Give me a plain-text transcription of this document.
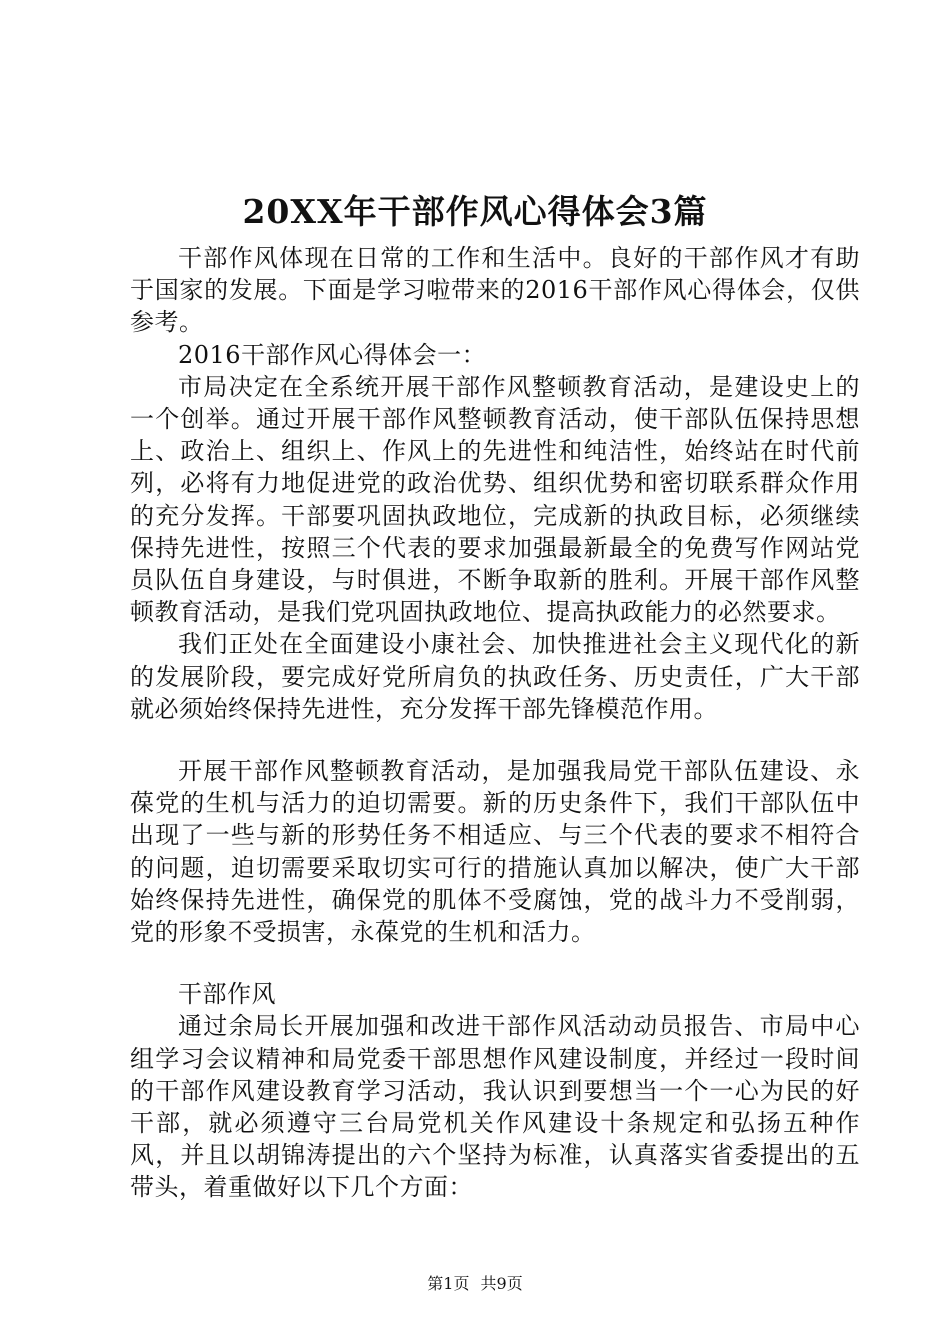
20XX年干部作风心得体会3篇

干部作风体现在日常的工作和生活中。良好的干部作风才有助于国家的发展。下面是学习啦带来的2016干部作风心得体会，仅供参考。

2016干部作风心得体会一：

市局决定在全系统开展干部作风整顿教育活动，是建设史上的一个创举。通过开展干部作风整顿教育活动，使干部队伍保持思想上、政治上、组织上、作风上的先进性和纯洁性，始终站在时代前列，必将有力地促进党的政治优势、组织优势和密切联系群众作用的充分发挥。干部要巩固执政地位，完成新的执政目标，必须继续保持先进性，按照三个代表的要求加强最新最全的免费写作网站党员队伍自身建设，与时俱进，不断争取新的胜利。开展干部作风整顿教育活动，是我们党巩固执政地位、提高执政能力的必然要求。

我们正处在全面建设小康社会、加快推进社会主义现代化的新的发展阶段，要完成好党所肩负的执政任务、历史责任，广大干部就必须始终保持先进性，充分发挥干部先锋模范作用。

开展干部作风整顿教育活动，是加强我局党干部队伍建设、永葆党的生机与活力的迫切需要。新的历史条件下，我们干部队伍中出现了一些与新的形势任务不相适应、与三个代表的要求不相符合的问题，迫切需要采取切实可行的措施认真加以解决，使广大干部始终保持先进性，确保党的肌体不受腐蚀，党的战斗力不受削弱，党的形象不受损害，永葆党的生机和活力。

干部作风

通过余局长开展加强和改进干部作风活动动员报告、市局中心组学习会议精神和局党委干部思想作风建设制度，并经过一段时间的干部作风建设教育学习活动，我认识到要想当一个一心为民的好干部，就必须遵守三台局党机关作风建设十条规定和弘扬五种作风，并且以胡锦涛提出的六个坚持为标准，认真落实省委提出的五带头，着重做好以下几个方面：

第1页 共9页
